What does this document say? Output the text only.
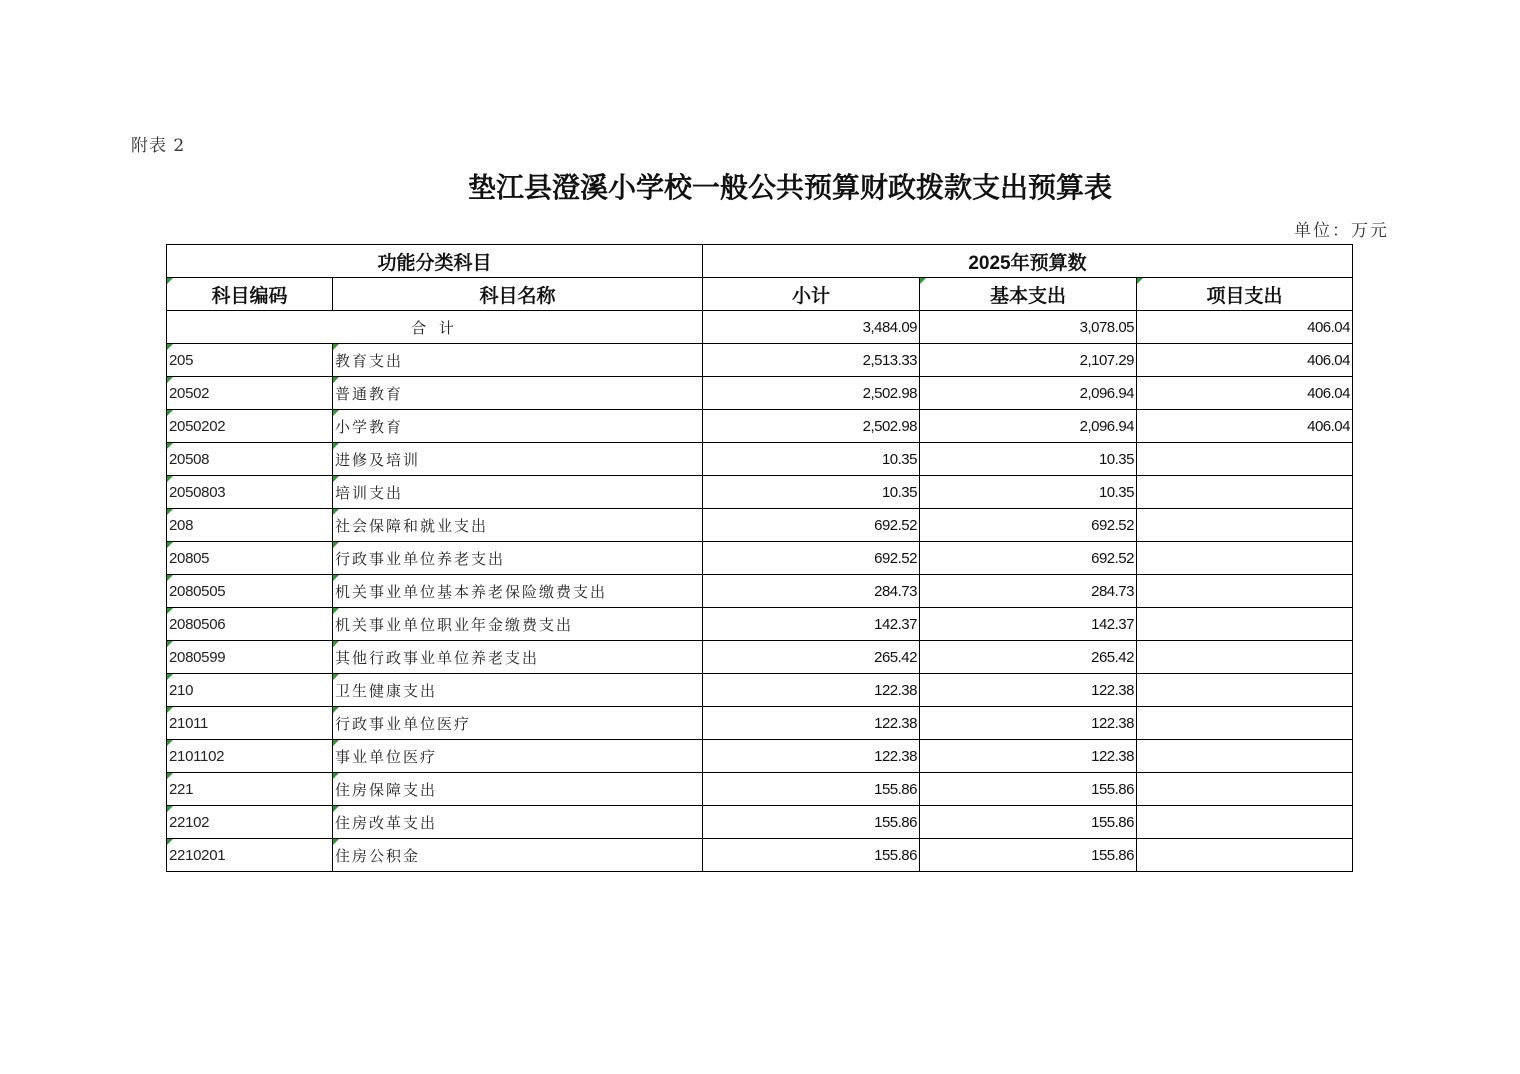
附表 2
垫江县澄溪小学校一般公共预算财政拨款支出预算表
单位：万元
功能分类科目		2025年预算数		
科目编码	科目名称	小计	基本支出	项目支出
合 计		3,484.09	3,078.05	406.04
205	教育支出	2,513.33	2,107.29	406.04
20502	普通教育	2,502.98	2,096.94	406.04
2050202	小学教育	2,502.98	2,096.94	406.04
20508	进修及培训	10.35	10.35	
2050803	培训支出	10.35	10.35	
208	社会保障和就业支出	692.52	692.52	
20805	行政事业单位养老支出	692.52	692.52	
2080505	机关事业单位基本养老保险缴费支出	284.73	284.73	
2080506	机关事业单位职业年金缴费支出	142.37	142.37	
2080599	其他行政事业单位养老支出	265.42	265.42	
210	卫生健康支出	122.38	122.38	
21011	行政事业单位医疗	122.38	122.38	
2101102	事业单位医疗	122.38	122.38	
221	住房保障支出	155.86	155.86	
22102	住房改革支出	155.86	155.86	
2210201	住房公积金	155.86	155.86	
